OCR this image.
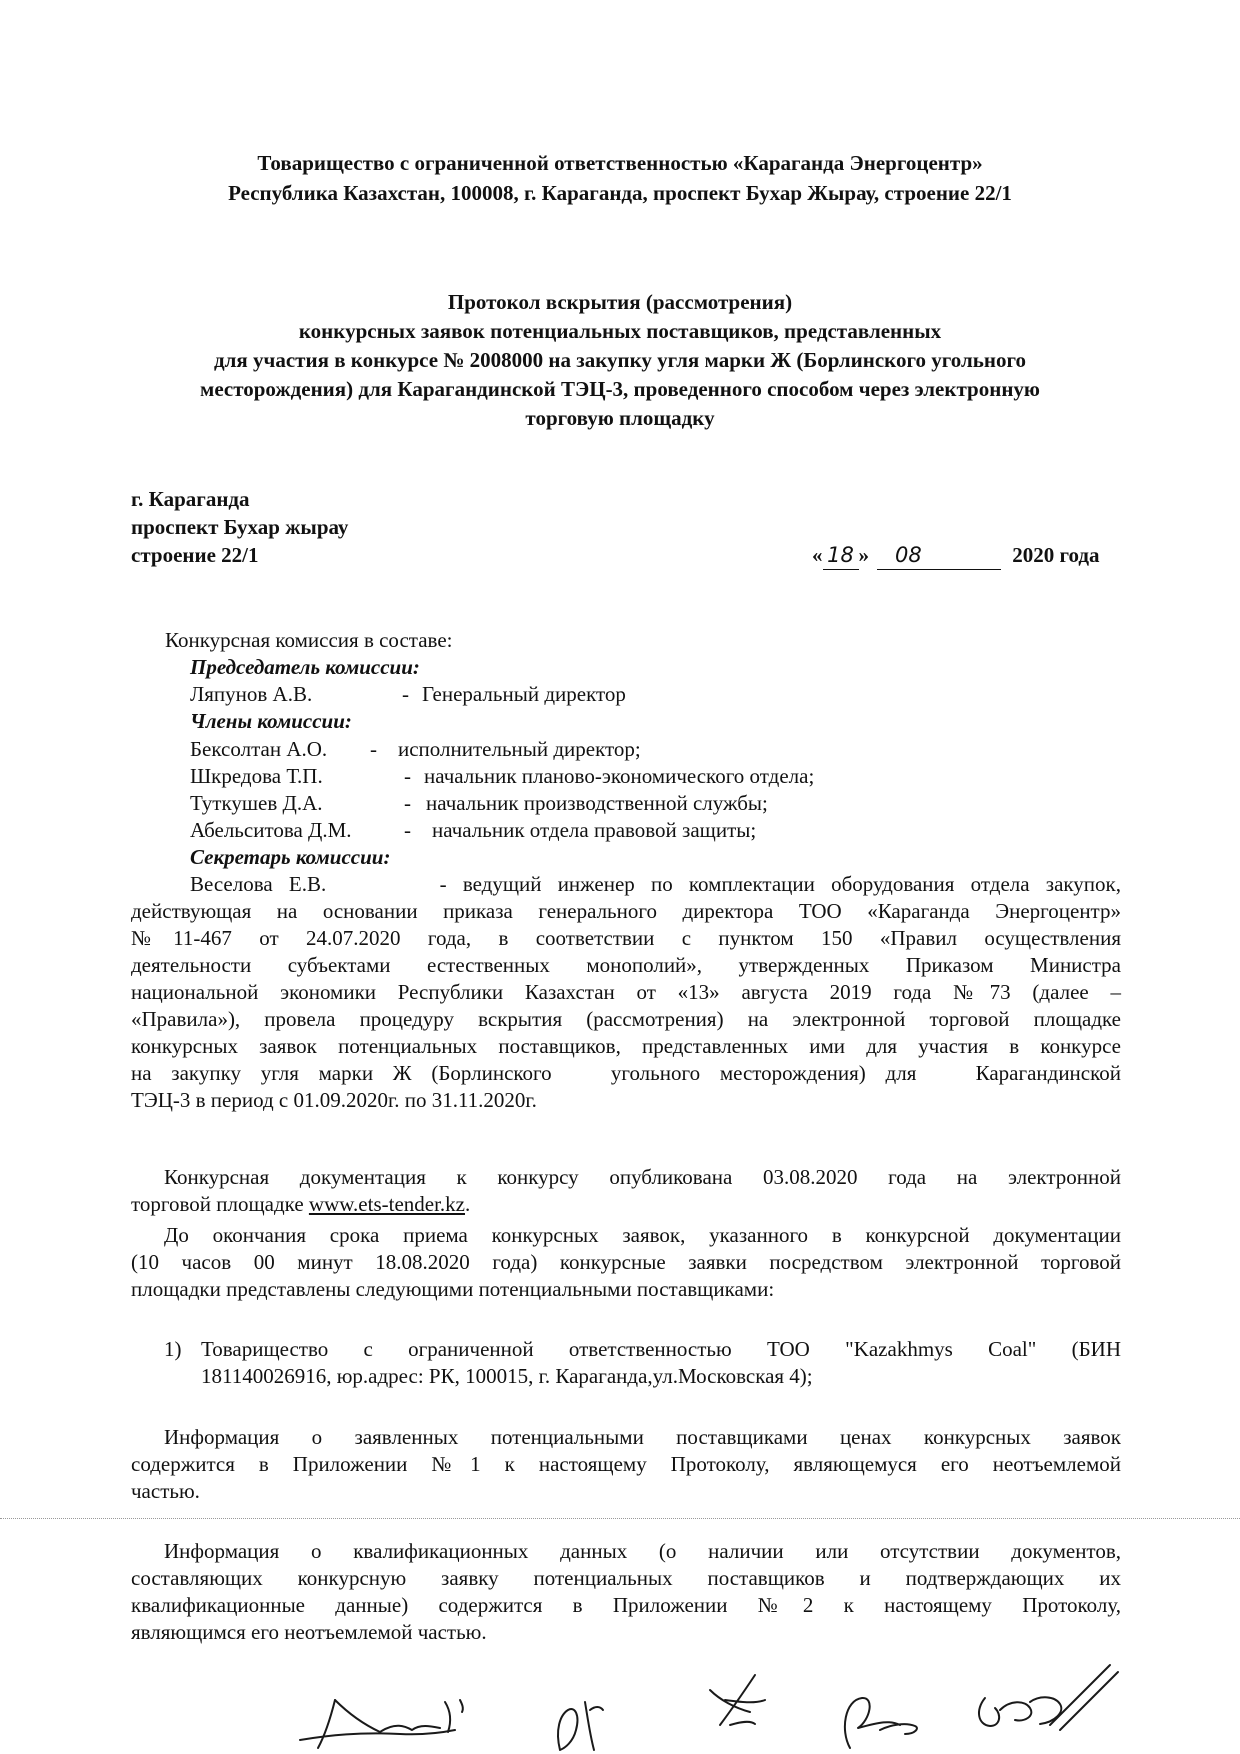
Товарищество с ограниченной ответственностью «Караганда Энергоцентр»
Республика Казахстан, 100008, г. Караганда, проспект Бухар Жырау, строение 22/1
Протокол вскрытия (рассмотрения)
конкурсных заявок потенциальных поставщиков, представленных
для участия в конкурсе № 2008000 на закупку угля марки Ж (Борлинского угольного
месторождения) для Карагандинской ТЭЦ-3, проведенного способом через электронную
торговую площадку
г. Караганда
проспект Бухар жырау
строение 22/1	« 18 » 08	2020 года
Конкурсная комиссия в составе:
Председатель комиссии:
Ляпунов А.В.	- Генеральный директор
Члены комиссии:
Бексолтан А.О. - исполнительный директор;
Шкредова Т.П.	- начальник планово-экономического отдела;
Туткушев Д.А.	- начальник производственной службы;
Абельситова Д.М. - начальник отдела правовой защиты;
Секретарь комиссии:
Веселова Е.В.       - ведущий инженер по комплектации оборудования отдела закупок,
действующая на основании приказа генерального директора ТОО «Караганда Энергоцентр»
№11-467 от 24.07.2020 года, в соответствии с пунктом 150 «Правил осуществления
деятельности субъектами естественных монополий», утвержденных Приказом Министра
национальной экономики Республики Казахстан от «13» августа 2019 года №73 (далее –
«Правила»), провела процедуру вскрытия (рассмотрения) на электронной торговой площадке
конкурсных заявок потенциальных поставщиков, представленных ими для участия в конкурсе
на закупку угля марки Ж (Борлинского   угольного месторождения) для   Карагандинской
ТЭЦ-3 в период с 01.09.2020г. по 31.11.2020г.
Конкурсная документация к конкурсу опубликована 03.08.2020 года на электронной
торговой площадке www.ets-tender.kz.
До окончания срока приема конкурсных заявок, указанного в конкурсной документации
(10 часов 00 минут 18.08.2020 года) конкурсные заявки посредством электронной торговой
площадки представлены следующими потенциальными поставщиками:
1) Товарищество с ограниченной ответственностью ТОО "Kazakhmys Coal" (БИН
181140026916, юр.адрес: РК, 100015, г. Караганда,ул.Московская 4);
Информация о заявленных потенциальными поставщиками ценах конкурсных заявок
содержится в Приложении №1 к настоящему Протоколу, являющемуся его неотъемлемой
частью.
Информация о квалификационных данных (о наличии или отсутствии документов,
составляющих конкурсную заявку потенциальных поставщиков и подтверждающих их
квалификационные данные) содержится в Приложении №2 к настоящему Протоколу,
являющимся его неотъемлемой частью.
